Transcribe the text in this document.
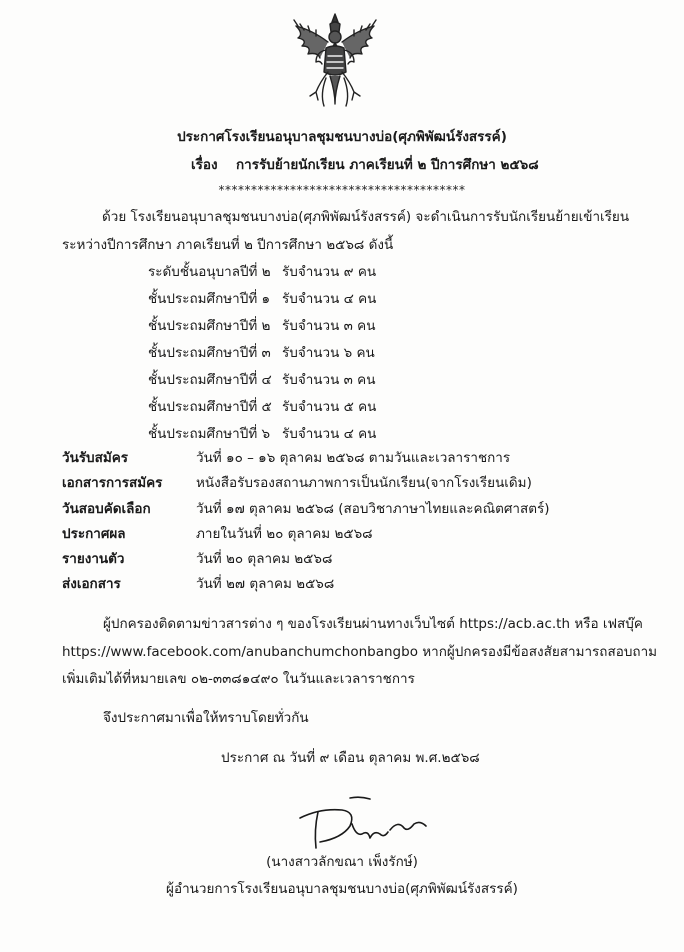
ประกาศโรงเรียนอนุบาลชุมชนบางบ่อ(ศุภพิพัฒน์รังสรรค์)
เรื่อง การรับย้ายนักเรียน ภาคเรียนที่ ๒ ปีการศึกษา ๒๕๖๘
**************************************
ด้วย โรงเรียนอนุบาลชุมชนบางบ่อ(ศุภพิพัฒน์รังสรรค์) จะดำเนินการรับนักเรียนย้ายเข้าเรียน
ระหว่างปีการศึกษา ภาคเรียนที่ ๒ ปีการศึกษา ๒๕๖๘ ดังนี้
ระดับชั้นอนุบาลปีที่ ๒ รับจำนวน ๙ คน
ชั้นประถมศึกษาปีที่ ๑ รับจำนวน ๔ คน
ชั้นประถมศึกษาปีที่ ๒ รับจำนวน ๓ คน
ชั้นประถมศึกษาปีที่ ๓ รับจำนวน ๖ คน
ชั้นประถมศึกษาปีที่ ๔ รับจำนวน ๓ คน
ชั้นประถมศึกษาปีที่ ๕ รับจำนวน ๕ คน
ชั้นประถมศึกษาปีที่ ๖ รับจำนวน ๔ คน
วันรับสมัคร	วันที่ ๑๐ – ๑๖ ตุลาคม ๒๕๖๘ ตามวันและเวลาราชการ
เอกสารการสมัคร หนังสือรับรองสถานภาพการเป็นนักเรียน(จากโรงเรียนเดิม)
วันสอบคัดเลือก	วันที่ ๑๗ ตุลาคม ๒๕๖๘ (สอบวิชาภาษาไทยและคณิตศาสตร์)
ประกาศผล	ภายในวันที่ ๒๐ ตุลาคม ๒๕๖๘
รายงานตัว	วันที่ ๒๐ ตุลาคม ๒๕๖๘
ส่งเอกสาร	วันที่ ๒๗ ตุลาคม ๒๕๖๘
ผู้ปกครองติดตามข่าวสารต่าง ๆ ของโรงเรียนผ่านทางเว็บไซต์ https://acb.ac.th หรือ เฟสบุ๊ค
https://www.facebook.com/anubanchumchonbangbo หากผู้ปกครองมีข้อสงสัยสามารถสอบถาม
เพิ่มเติมได้ที่หมายเลข ๐๒-๓๓๘๑๔๙๐ ในวันและเวลาราชการ
จึงประกาศมาเพื่อให้ทราบโดยทั่วกัน
ประกาศ ณ วันที่ ๙ เดือน ตุลาคม พ.ศ.๒๕๖๘
(นางสาวลักขณา เพ็งรักษ์)
ผู้อำนวยการโรงเรียนอนุบาลชุมชนบางบ่อ(ศุภพิพัฒน์รังสรรค์)
